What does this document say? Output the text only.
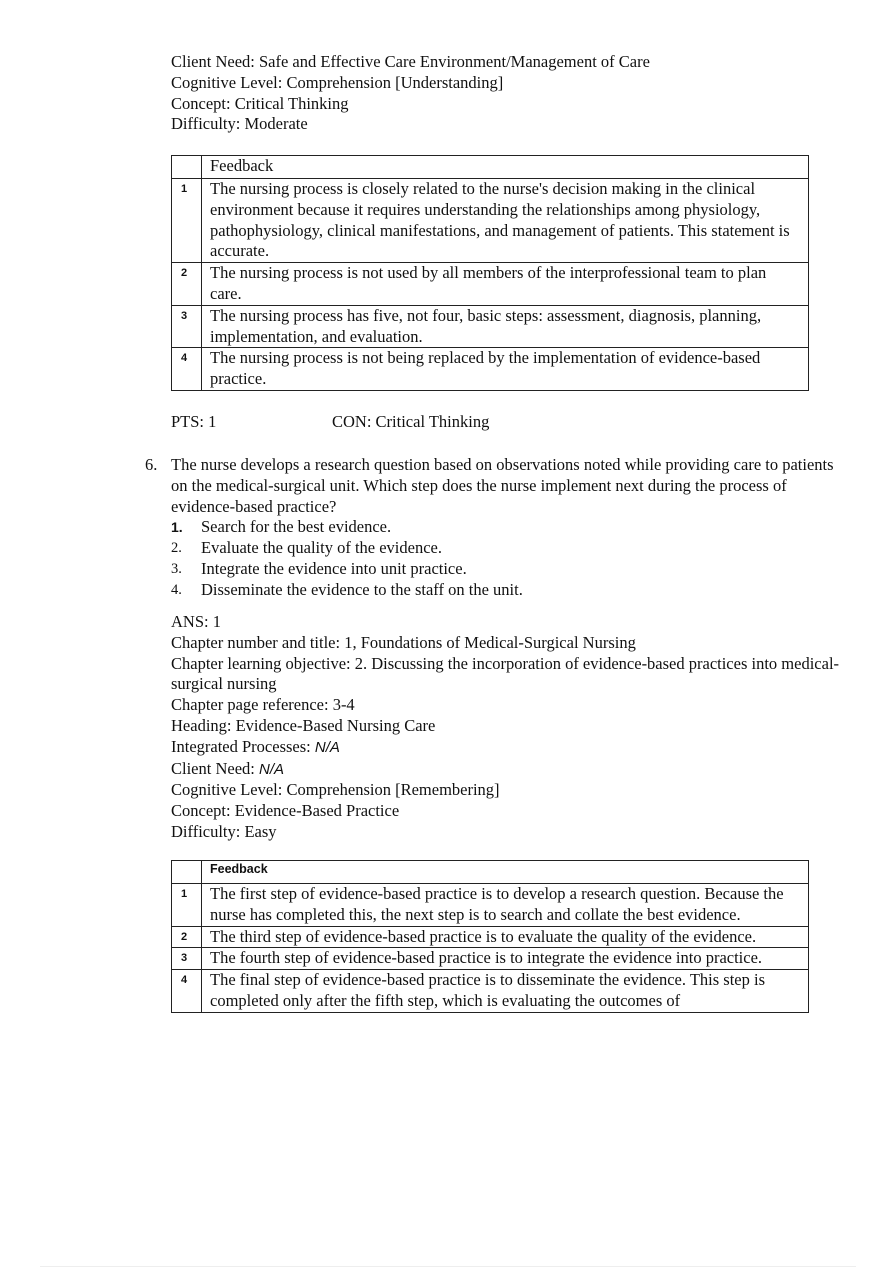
Client Need: Safe and Effective Care Environment/Management of Care
Cognitive Level: Comprehension [Understanding]
Concept: Critical Thinking
Difficulty: Moderate
	Feedback
1	The nursing process is closely related to the nurse's decision making in the clinical environment because it requires understanding the relationships among physiology, pathophysiology, clinical manifestations, and management of patients. This statement is accurate.
2	The nursing process is not used by all members of the interprofessional team to plan care.
3	The nursing process has five, not four, basic steps: assessment, diagnosis, planning, implementation, and evaluation.
4	The nursing process is not being replaced by the implementation of evidence-based practice.
PTS: 1	CON: Critical Thinking
6. The nurse develops a research question based on observations noted while providing care to patients on the medical-surgical unit. Which step does the nurse implement next during the process of evidence-based practice?
1. Search for the best evidence.
2. Evaluate the quality of the evidence.
3. Integrate the evidence into unit practice.
4. Disseminate the evidence to the staff on the unit.
ANS: 1
Chapter number and title: 1, Foundations of Medical-Surgical Nursing
Chapter learning objective: 2. Discussing the incorporation of evidence-based practices into medical-surgical nursing
Chapter page reference: 3-4
Heading: Evidence-Based Nursing Care
Integrated Processes: N/A
Client Need: N/A
Cognitive Level: Comprehension [Remembering]
Concept: Evidence-Based Practice
Difficulty: Easy
	Feedback
1	The first step of evidence-based practice is to develop a research question. Because the nurse has completed this, the next step is to search and collate the best evidence.
2	The third step of evidence-based practice is to evaluate the quality of the evidence.
3	The fourth step of evidence-based practice is to integrate the evidence into practice.
4	The final step of evidence-based practice is to disseminate the evidence. This step is completed only after the fifth step, which is evaluating the outcomes of
